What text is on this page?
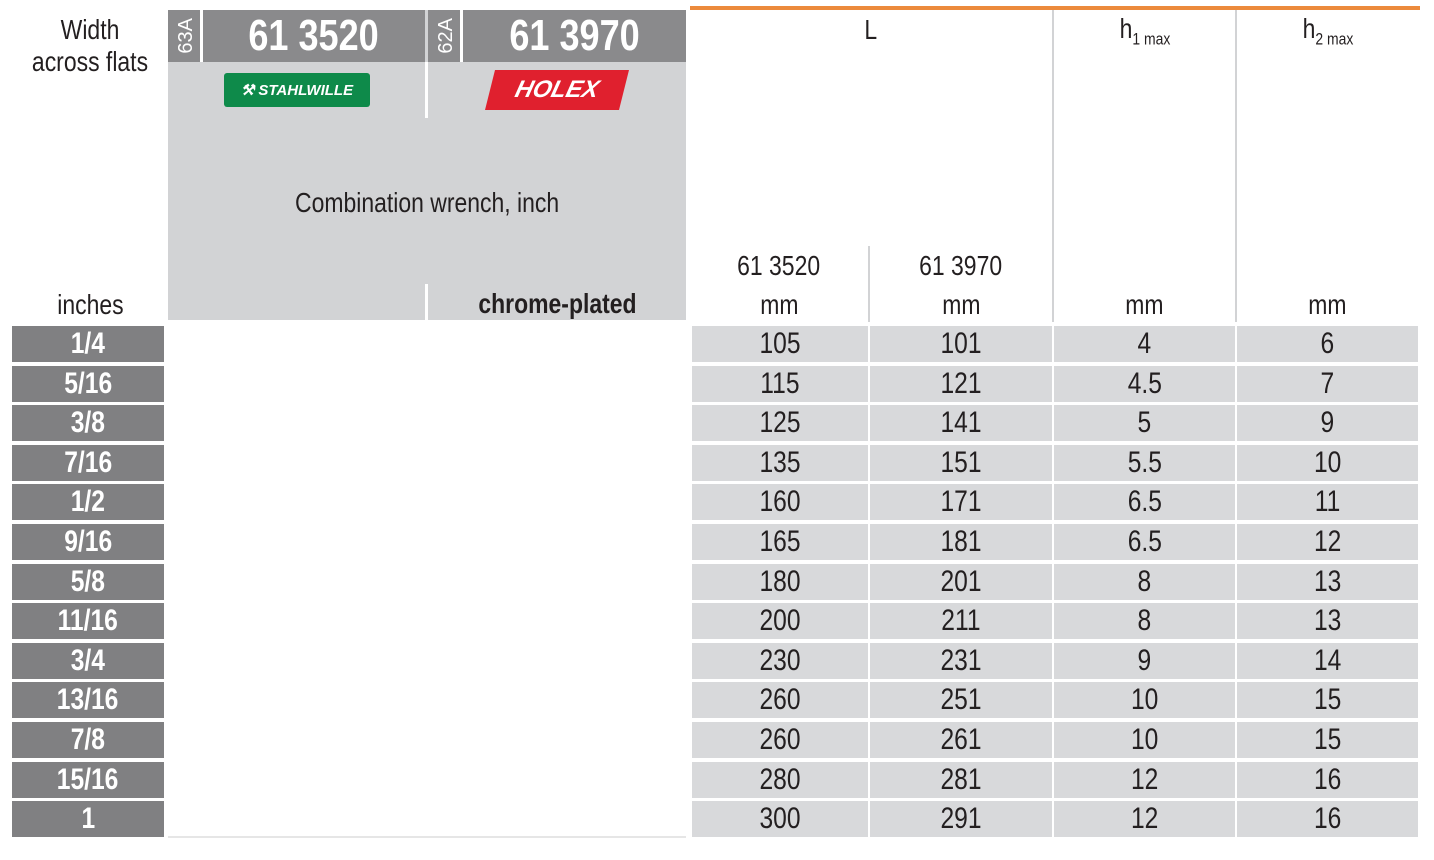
Width across flats
inches
63A 61 3520	62A 61 3970
⚒ STAHLWILLE	HOLEX
Combination wrench, inch
chrome-plated
L	$h_{1 max}$	$h_{2 max}$
61 3520	61 3970
mm	mm	mm	mm
1/4	105	101	4	6
5/16	115	121	4.5	7
3/8	125	141	5	9
7/16	135	151	5.5	10
1/2	160	171	6.5	11
9/16	165	181	6.5	12
5/8	180	201	8	13
11/16	200	211	8	13
3/4	230	231	9	14
13/16	260	251	10	15
7/8	260	261	10	15
15/16	280	281	12	16
1	300	291	12	16
